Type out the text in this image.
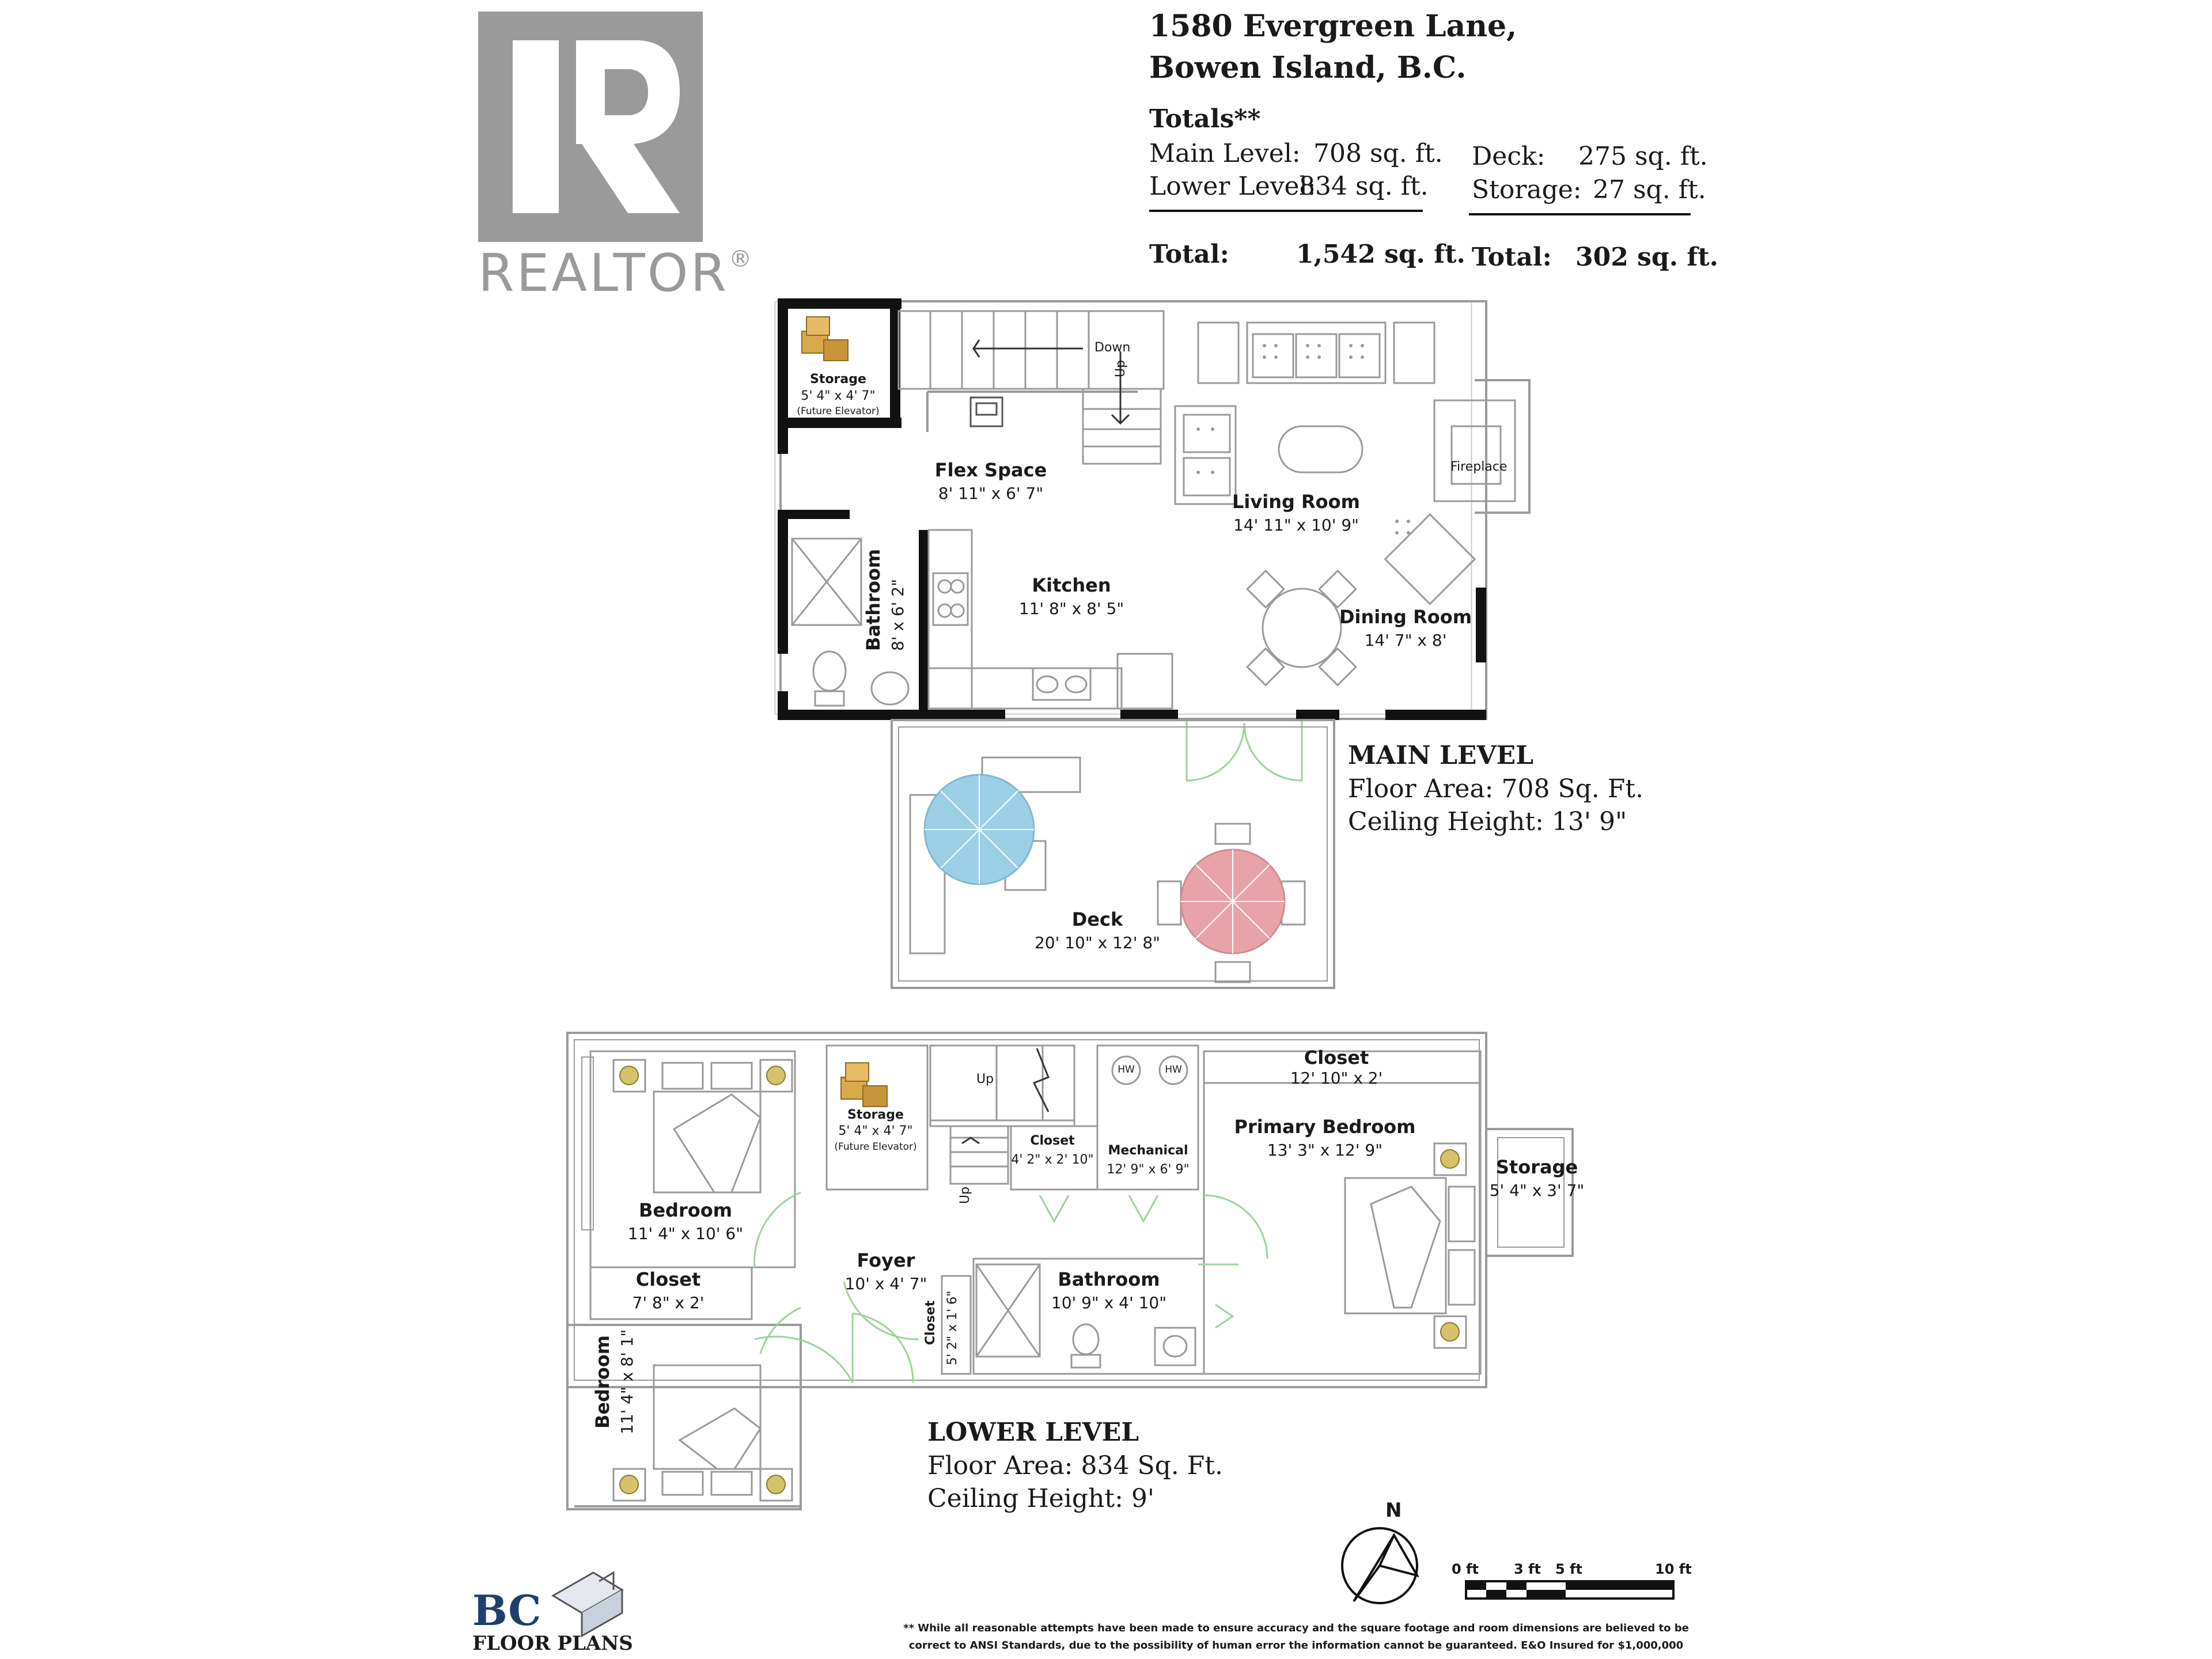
REALTOR®
1580 Evergreen Lane,
Bowen Island, B.C.
Totals**
Main Level: 708 sq. ft.
Lower Level:
834 sq. ft.
Total:	1,542 sq. ft.
Deck: 275 sq. ft.
Storage: 27 sq. ft.
Total: 302 sq. ft.
Down
Up
Fireplace
Storage
5' 4" x 4' 7"
(Future Elevator)
Flex Space
8' 11" x 6' 7"	Living Room
14' 11" x 10' 9"
Kitchen
11' 8" x 8' 5"
Bathroom 8' x 6' 2"	Dining Room
14' 7" x 8'
Deck
20' 10" x 12' 8"
MAIN LEVEL
Floor Area: 708 Sq. Ft.
Ceiling Height: 13' 9"
Storage
5' 4" x 4' 7"
(Future Elevator)
Up
Up
HW	HW
Bedroom
11' 4" x 10' 6"
Closet
4' 2" x 2' 10"
Mechanical
12' 9" x 6' 9"
Closet
12' 10" x 2'
Primary Bedroom
13' 3" x 12' 9"
Storage
5' 4" x 3' 7"
Foyer
10' x 4' 7"
Closet
7' 8" x 2'
Bathroom
10' 9" x 4' 10"
Closet 5' 2" x 1' 6"
Bedroom 11' 4" x 8' 1"	LOWER LEVEL
Floor Area: 834 Sq. Ft.
Ceiling Height: 9'	N
0 ft	3 ft 5 ft	10 ft
BC
FLOOR PLANS
** While all reasonable attempts have been made to ensure accuracy and the square footage and room dimensions are believed to be
correct to ANSI Standards, due to the possibility of human error the information cannot be guaranteed. E&O Insured for $1,000,000
